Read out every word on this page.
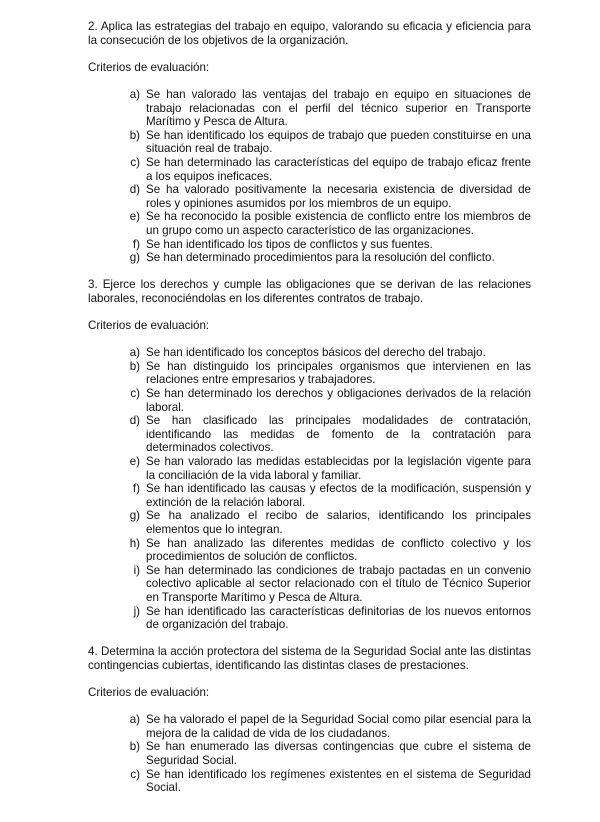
2. Aplica las estrategias del trabajo en equipo, valorando su eficacia y eficiencia para la consecución de los objetivos de la organización.

Criterios de evaluación:

a) Se han valorado las ventajas del trabajo en equipo en situaciones de trabajo relacionadas con el perfil del técnico superior en Transporte Marítimo y Pesca de Altura.
b) Se han identificado los equipos de trabajo que pueden constituirse en una situación real de trabajo.
c) Se han determinado las características del equipo de trabajo eficaz frente a los equipos ineficaces.
d) Se ha valorado positivamente la necesaria existencia de diversidad de roles y opiniones asumidos por los miembros de un equipo.
e) Se ha reconocido la posible existencia de conflicto entre los miembros de un grupo como un aspecto característico de las organizaciones.
f) Se han identificado los tipos de conflictos y sus fuentes.
g) Se han determinado procedimientos para la resolución del conflicto.

3. Ejerce los derechos y cumple las obligaciones que se derivan de las relaciones laborales, reconociéndolas en los diferentes contratos de trabajo.

Criterios de evaluación:

a) Se han identificado los conceptos básicos del derecho del trabajo.
b) Se han distinguido los principales organismos que intervienen en las relaciones entre empresarios y trabajadores.
c) Se han determinado los derechos y obligaciones derivados de la relación laboral.
d) Se han clasificado las principales modalidades de contratación, identificando las medidas de fomento de la contratación para determinados colectivos.
e) Se han valorado las medidas establecidas por la legislación vigente para la conciliación de la vida laboral y familiar.
f) Se han identificado las causas y efectos de la modificación, suspensión y extinción de la relación laboral.
g) Se ha analizado el recibo de salarios, identificando los principales elementos que lo integran.
h) Se han analizado las diferentes medidas de conflicto colectivo y los procedimientos de solución de conflictos.
i) Se han determinado las condiciones de trabajo pactadas en un convenio colectivo aplicable al sector relacionado con el título de Técnico Superior en Transporte Marítimo y Pesca de Altura.
j) Se han identificado las características definitorias de los nuevos entornos de organización del trabajo.

4. Determina la acción protectora del sistema de la Seguridad Social ante las distintas contingencias cubiertas, identificando las distintas clases de prestaciones.

Criterios de evaluación:

a) Se ha valorado el papel de la Seguridad Social como pilar esencial para la mejora de la calidad de vida de los ciudadanos.
b) Se han enumerado las diversas contingencias que cubre el sistema de Seguridad Social.
c) Se han identificado los regímenes existentes en el sistema de Seguridad Social.
